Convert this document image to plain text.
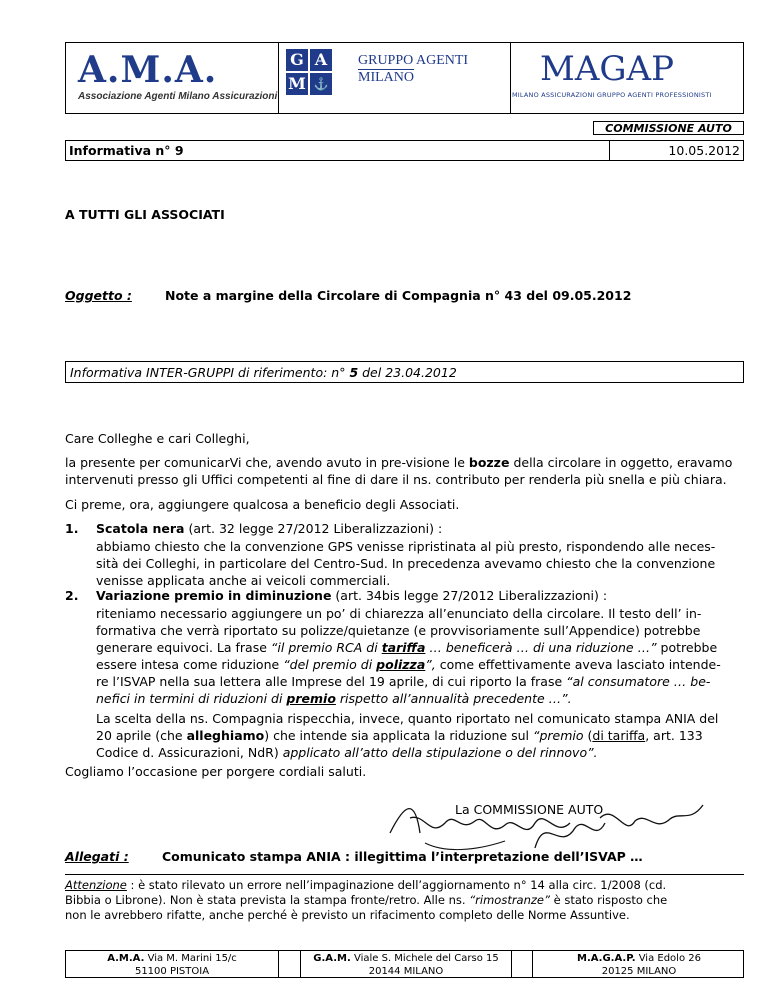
A.M.A.
Associazione Agenti Milano Assicurazioni
G A
M ⚓
GRUPPO AGENTI
MILANO	MAGAP
MILANO ASSICURAZIONI GRUPPO AGENTI PROFESSIONISTI
COMMISSIONE AUTO
Informativa n° 9	10.05.2012

A TUTTI GLI ASSOCIATI

Oggetto :	Note a margine della Circolare di Compagnia n° 43 del 09.05.2012

Informativa INTER-GRUPPI di riferimento: n° 5 del 23.04.2012

Care Colleghe e cari Colleghi,

la presente per comunicarVi che, avendo avuto in pre-visione le bozze della circolare in oggetto, eravamo
intervenuti presso gli Uffici competenti al fine di dare il ns. contributo per renderla più snella e più chiara.

Ci preme, ora, aggiungere qualcosa a beneficio degli Associati.

1. Scatola nera (art. 32 legge 27/2012 Liberalizzazioni) :

abbiamo chiesto che la convenzione GPS venisse ripristinata al più presto, rispondendo alle neces-
sità dei Colleghi, in particolare del Centro-Sud. In precedenza avevamo chiesto che la convenzione
venisse applicata anche ai veicoli commerciali.

2. Variazione premio in diminuzione (art. 34bis legge 27/2012 Liberalizzazioni) :

riteniamo necessario aggiungere un po’ di chiarezza all’enunciato della circolare. Il testo dell’ in-
formativa che verrà riportato su polizze/quietanze (e provvisoriamente sull’Appendice) potrebbe
generare equivoci. La frase “il premio RCA di tariffa … beneficerà … di una riduzione …” potrebbe
essere intesa come riduzione “del premio di polizza”, come effettivamente aveva lasciato intende-
re l’ISVAP nella sua lettera alle Imprese del 19 aprile, di cui riporto la frase “al consumatore … be-
nefici in termini di riduzioni di premio rispetto all’annualità precedente …”.

La scelta della ns. Compagnia rispecchia, invece, quanto riportato nel comunicato stampa ANIA del
20 aprile (che alleghiamo) che intende sia applicata la riduzione sul “premio (di tariffa, art. 133
Codice d. Assicurazioni, NdR) applicato all’atto della stipulazione o del rinnovo”.

Cogliamo l’occasione per porgere cordiali saluti.

La COMMISSIONE AUTO

Allegati :	Comunicato stampa ANIA : illegittima l’interpretazione dell’ISVAP …

Attenzione : è stato rilevato un errore nell’impaginazione dell’aggiornamento n° 14 alla circ. 1/2008 (cd.
Bibbia o Librone). Non è stata prevista la stampa fronte/retro. Alle ns. “rimostranze” è stato risposto che
non le avrebbero rifatte, anche perché è previsto un rifacimento completo delle Norme Assuntive.

A.M.A. Via M. Marini 15/c
51100 PISTOIA
G.A.M. Viale S. Michele del Carso 15
20144 MILANO
M.A.G.A.P. Via Edolo 26
20125 MILANO
